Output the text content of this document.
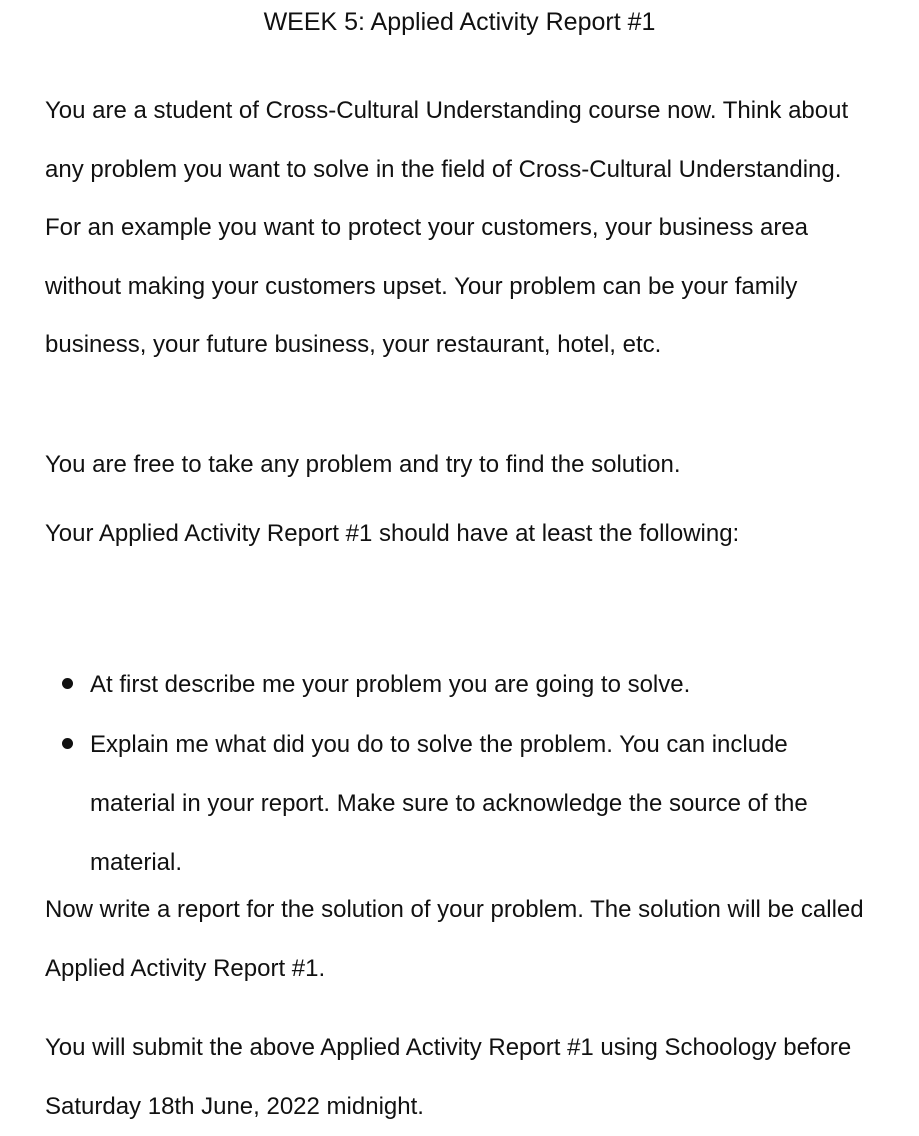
WEEK 5: Applied Activity Report #1

You are a student of Cross-Cultural Understanding course now. Think about any problem you want to solve in the field of Cross-Cultural Understanding. For an example you want to protect your customers, your business area without making your customers upset. Your problem can be your family business, your future business, your restaurant, hotel, etc.

You are free to take any problem and try to find the solution.

Your Applied Activity Report #1 should have at least the following:

At first describe me your problem you are going to solve.
Explain me what did you do to solve the problem. You can include material in your report. Make sure to acknowledge the source of the material.

Now write a report for the solution of your problem. The solution will be called Applied Activity Report #1.

You will submit the above Applied Activity Report #1 using Schoology before Saturday 18th June, 2022 midnight.
